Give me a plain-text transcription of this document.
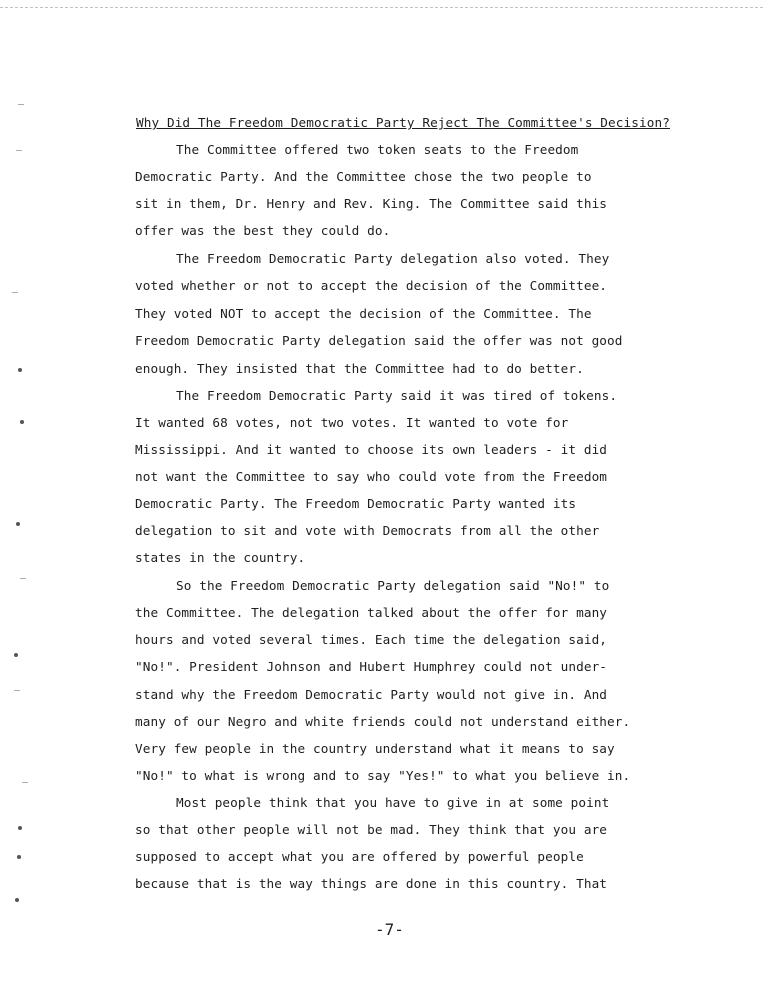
Why Did The Freedom Democratic Party Reject The Committee's Decision?

The Committee offered two token seats to the Freedom

Democratic Party. And the Committee chose the two people to

sit in them, Dr. Henry and Rev. King. The Committee said this

offer was the best they could do.

The Freedom Democratic Party delegation also voted. They

voted whether or not to accept the decision of the Committee.

They voted NOT to accept the decision of the Committee. The

Freedom Democratic Party delegation said the offer was not good

enough. They insisted that the Committee had to do better.

The Freedom Democratic Party said it was tired of tokens.

It wanted 68 votes, not two votes. It wanted to vote for

Mississippi. And it wanted to choose its own leaders - it did

not want the Committee to say who could vote from the Freedom

Democratic Party. The Freedom Democratic Party wanted its

delegation to sit and vote with Democrats from all the other

states in the country.

So the Freedom Democratic Party delegation said "No!" to

the Committee. The delegation talked about the offer for many

hours and voted several times. Each time the delegation said,

"No!". President Johnson and Hubert Humphrey could not under-

stand why the Freedom Democratic Party would not give in. And

many of our Negro and white friends could not understand either.

Very few people in the country understand what it means to say

"No!" to what is wrong and to say "Yes!" to what you believe in.

Most people think that you have to give in at some point

so that other people will not be mad. They think that you are

supposed to accept what you are offered by powerful people

because that is the way things are done in this country. That

-7-
